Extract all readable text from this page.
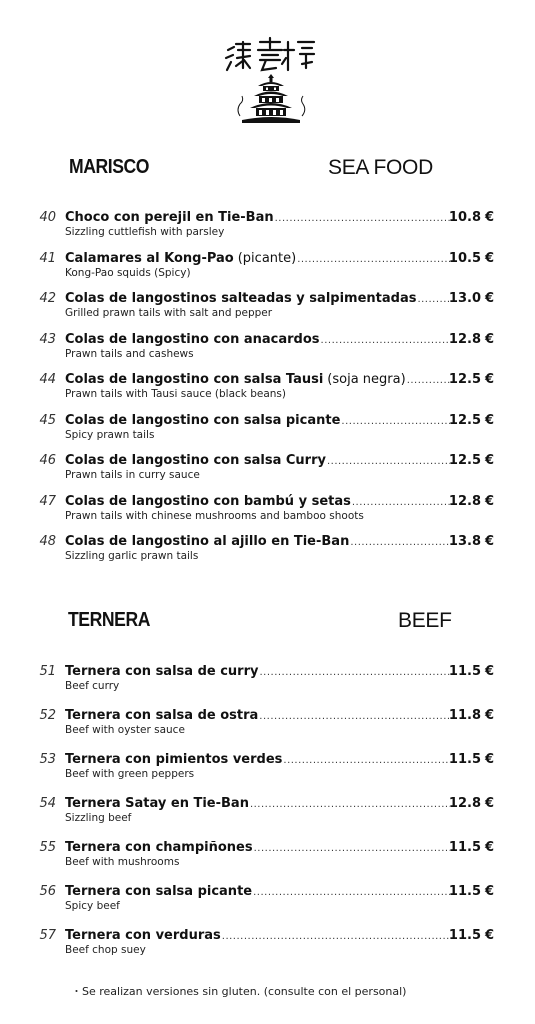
MARISCO	SEA FOOD
40 Choco con perejil en Tie-Ban .....	10.8 €
Sizzling cuttlefish with parsley
41 Calamares al Kong-Pao (picante) .....	10.5 €
Kong-Pao squids (Spicy)
42 Colas de langostinos salteadas y salpimentadas ..... 13.0 €
Grilled prawn tails with salt and pepper
43 Colas de langostino con anacardos .....	12.8 €
Prawn tails and cashews
44 Colas de langostino con salsa Tausi (soja negra) .....	12.5 €
Prawn tails with Tausi sauce (black beans)
45 Colas de langostino con salsa picante .....	12.5 €
Spicy prawn tails
46 Colas de langostino con salsa Curry .....	12.5 €
Prawn tails in curry sauce
47 Colas de langostino con bambú y setas .....	12.8 €
Prawn tails with chinese mushrooms and bamboo shoots
48 Colas de langostino al ajillo en Tie-Ban .....	13.8 €
Sizzling garlic prawn tails
TERNERA	BEEF
51 Ternera con salsa de curry .....	11.5 €
Beef curry
52 Ternera con salsa de ostra .....	11.8 €
Beef with oyster sauce
53 Ternera con pimientos verdes .....	11.5 €
Beef with green peppers
54 Ternera Satay en Tie-Ban .....	12.8 €
Sizzling beef
55 Ternera con champiñones .....	11.5 €
Beef with mushrooms
56 Ternera con salsa picante .....	11.5 €
Spicy beef
57 Ternera con verduras .....	11.5 €
Beef chop suey
・Se realizan versiones sin gluten. (consulte con el personal)
